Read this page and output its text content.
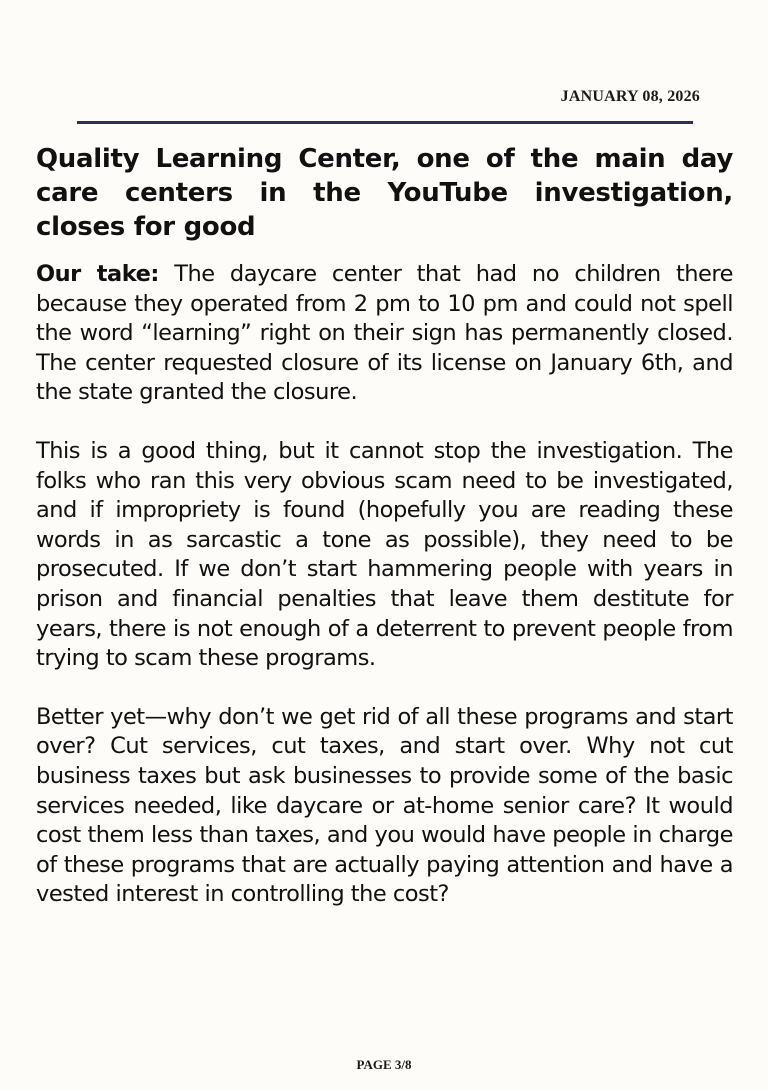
JANUARY 08, 2026

Quality Learning Center, one of the main day care centers in the YouTube investigation, closes for good

Our take: The daycare center that had no children there because they operated from 2 pm to 10 pm and could not spell the word “learning” right on their sign has permanently closed. The center requested closure of its license on January 6th, and the state granted the closure.

This is a good thing, but it cannot stop the investigation. The folks who ran this very obvious scam need to be investigated, and if impropriety is found (hopefully you are reading these words in as sarcastic a tone as possible), they need to be prosecuted. If we don’t start hammering people with years in prison and financial penalties that leave them destitute for years, there is not enough of a deterrent to prevent people from trying to scam these programs.

Better yet—why don’t we get rid of all these programs and start over? Cut services, cut taxes, and start over. Why not cut business taxes but ask businesses to provide some of the basic services needed, like daycare or at-home senior care? It would cost them less than taxes, and you would have people in charge of these programs that are actually paying attention and have a vested interest in controlling the cost?

PAGE 3/8
